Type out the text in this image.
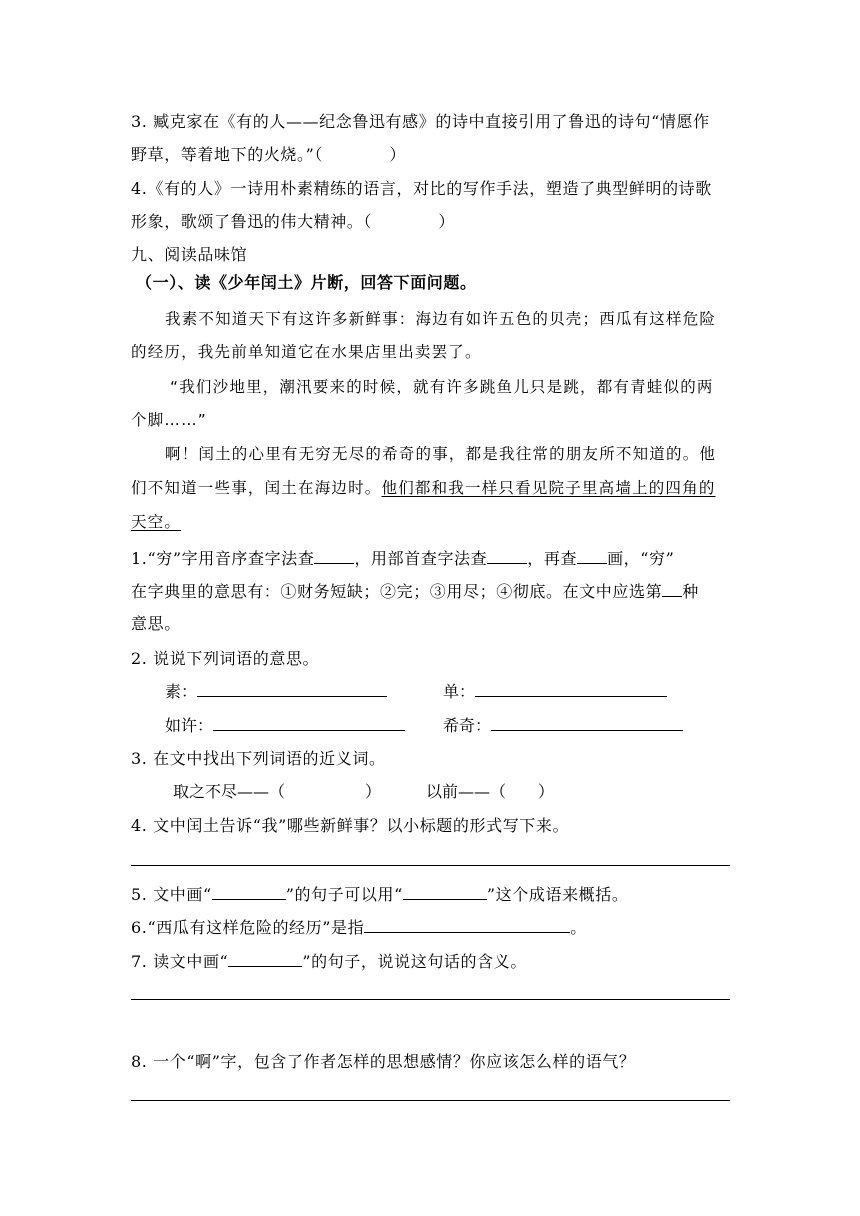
3. 臧克家在《有的人——纪念鲁迅有感》的诗中直接引用了鲁迅的诗句“情愿作
野草，等着地下的火烧。”（　　　　）
4.《有的人》一诗用朴素精练的语言，对比的写作手法，塑造了典型鲜明的诗歌
形象，歌颂了鲁迅的伟大精神。（　　　　）
九、阅读品味馆
（一）、读《少年闰土》片断，回答下面问题。
我素不知道天下有这许多新鲜事：海边有如许五色的贝壳；西瓜有这样危险
的经历，我先前单知道它在水果店里出卖罢了。
“我们沙地里，潮汛要来的时候，就有许多跳鱼儿只是跳，都有青蛙似的两
个脚……”
啊！闰土的心里有无穷无尽的希奇的事，都是我往常的朋友所不知道的。他
们不知道一些事，闰土在海边时。他们都和我一样只看见院子里高墙上的四角的
天空。
1.“穷”字用音序查字法查	，用部首查字法查	，再查 画，“穷”
在字典里的意思有：①财务短缺；②完；③用尽；④彻底。在文中应选第 种
意思。
2. 说说下列词语的意思。
素：	单：
如许：	希奇：
3. 在文中找出下列词语的近义词。
取之不尽——（　　　　　）	以前——（　　）
4. 文中闰土告诉“我”哪些新鲜事？以小标题的形式写下来。
5. 文中画“	”的句子可以用“	”这个成语来概括。
6.“西瓜有这样危险的经历”是指	。
7. 读文中画“	”的句子，说说这句话的含义。
8. 一个“啊”字，包含了作者怎样的思想感情？你应该怎么样的语气？
